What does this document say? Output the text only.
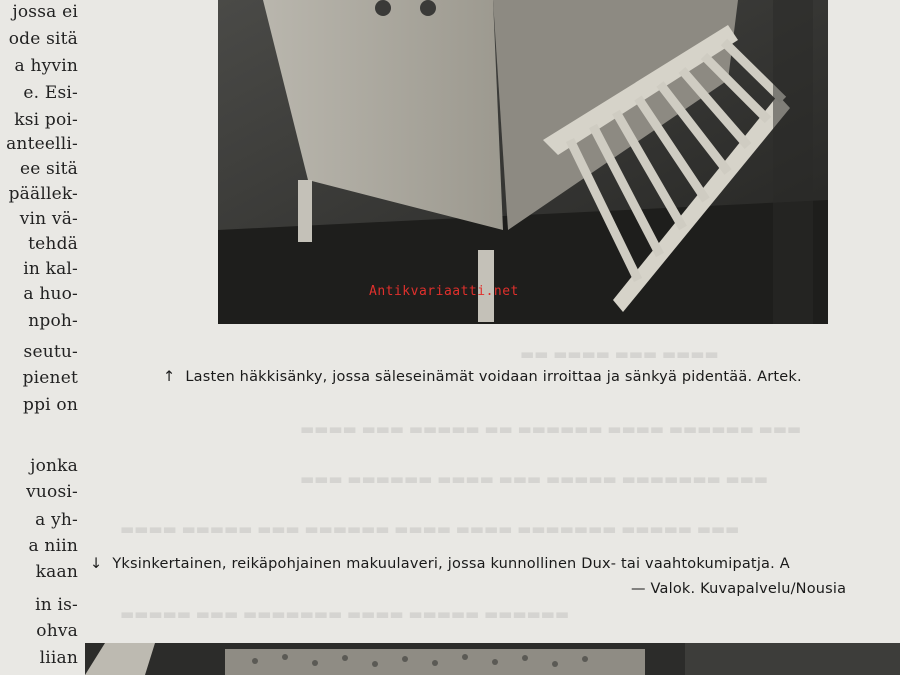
▬▬ ▬▬▬▬ ▬▬▬ ▬▬▬▬
▬▬▬▬ ▬▬▬ ▬▬▬▬▬ ▬▬ ▬▬▬▬▬▬ ▬▬▬▬ ▬▬▬▬▬▬ ▬▬▬
▬▬▬ ▬▬▬▬▬▬ ▬▬▬▬ ▬▬▬ ▬▬▬▬▬ ▬▬▬▬▬▬▬ ▬▬▬
▬▬▬▬ ▬▬▬▬▬ ▬▬▬ ▬▬▬▬▬▬ ▬▬▬▬ ▬▬▬▬ ▬▬▬▬▬▬▬ ▬▬▬▬▬ ▬▬▬
▬▬▬▬▬ ▬▬▬ ▬▬▬▬▬▬▬ ▬▬▬▬ ▬▬▬▬▬ ▬▬▬▬▬▬
jossa ei
ode sitä
a hyvin
e. Esi-
ksi poi-
anteelli-
ee sitä
päällek-
vin vä-
tehdä
in kal-
a huo-
npoh-
seutu-
pienet
ppi on
jonka
vuosi-
a yh-
a niin
kaan
in is-
ohva
liian
Antikvariaatti.net
↑ Lasten häkkisänky, jossa säleseinämät voidaan irroittaa ja sänkyä pidentää. Artek.
↓ Yksinkertainen, reikäpohjainen makuulaveri, jossa kunnollinen Dux- tai vaahtokumipatja. A
— Valok. Kuvapalvelu/Nousia
